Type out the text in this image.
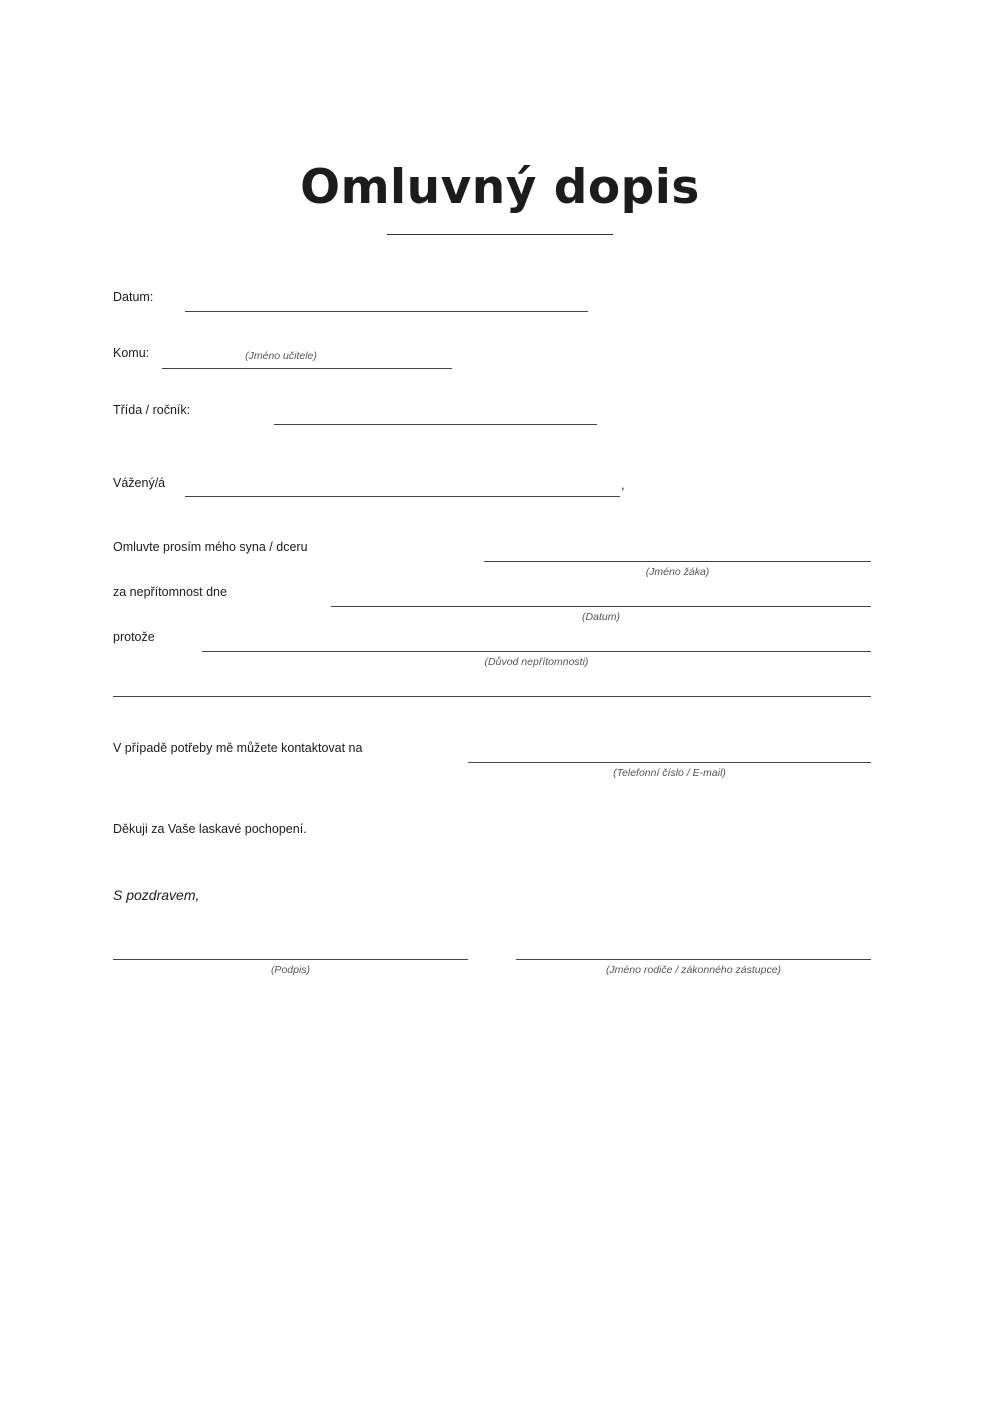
Omluvný dopis
Datum:
Komu:	(Jméno učitele)
Třída / ročník:
Vážený/á	,
Omluvte prosím mého syna / dceru
(Jméno žáka)
za nepřítomnost dne
(Datum)
protože
(Důvod nepřítomnosti)
V případě potřeby mě můžete kontaktovat na
(Telefonní číslo / E-mail)
Děkuji za Vaše laskavé pochopení.
S pozdravem,
(Podpis)	(Jméno rodiče / zákonného zástupce)
